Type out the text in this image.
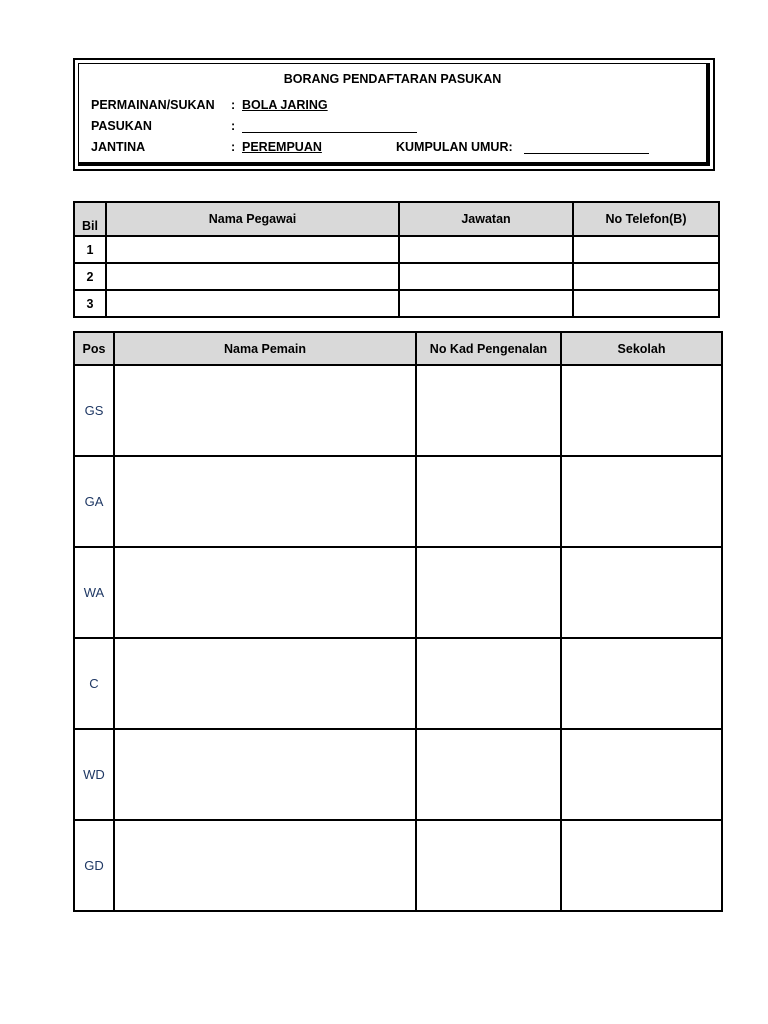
BORANG PENDAFTARAN PASUKAN
PERMAINAN/SUKAN : BOLA JARING
PASUKAN	:
JANTINA	: PEREMPUAN	KUMPULAN UMUR:
Bil	Nama Pegawai	Jawatan	No Telefon(B)
1			
2			
3			
Pos	Nama Pemain	No Kad Pengenalan	Sekolah
GS			
GA			
WA			
C			
WD			
GD			
